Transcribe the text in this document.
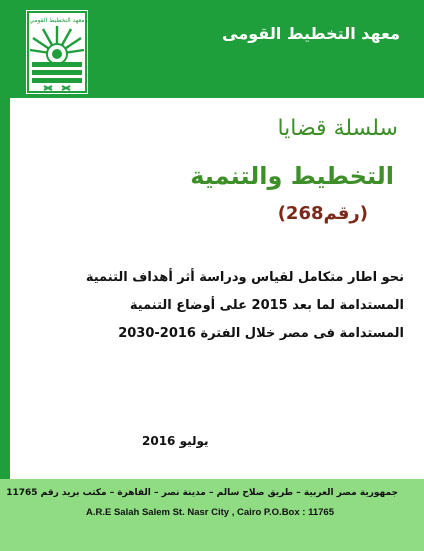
معهد التخطيط القومي
معهد التخطيط القومى
سلسلة قضايا
التخطيط والتنمية
(رقم268)
نحو اطار متكامل لقياس ودراسة أثر أهداف التنمية
المستدامة لما بعد 2015 على أوضاع التنمية
المستدامة فى مصر خلال الفترة 2016-2030
يوليو 2016
جمهورية مصر العربية – طريق صلاح سالم – مدينة نصر – القاهرة – مكتب بريد رقم 11765
A.R.E Salah Salem St. Nasr City , Cairo P.O.Box : 11765
